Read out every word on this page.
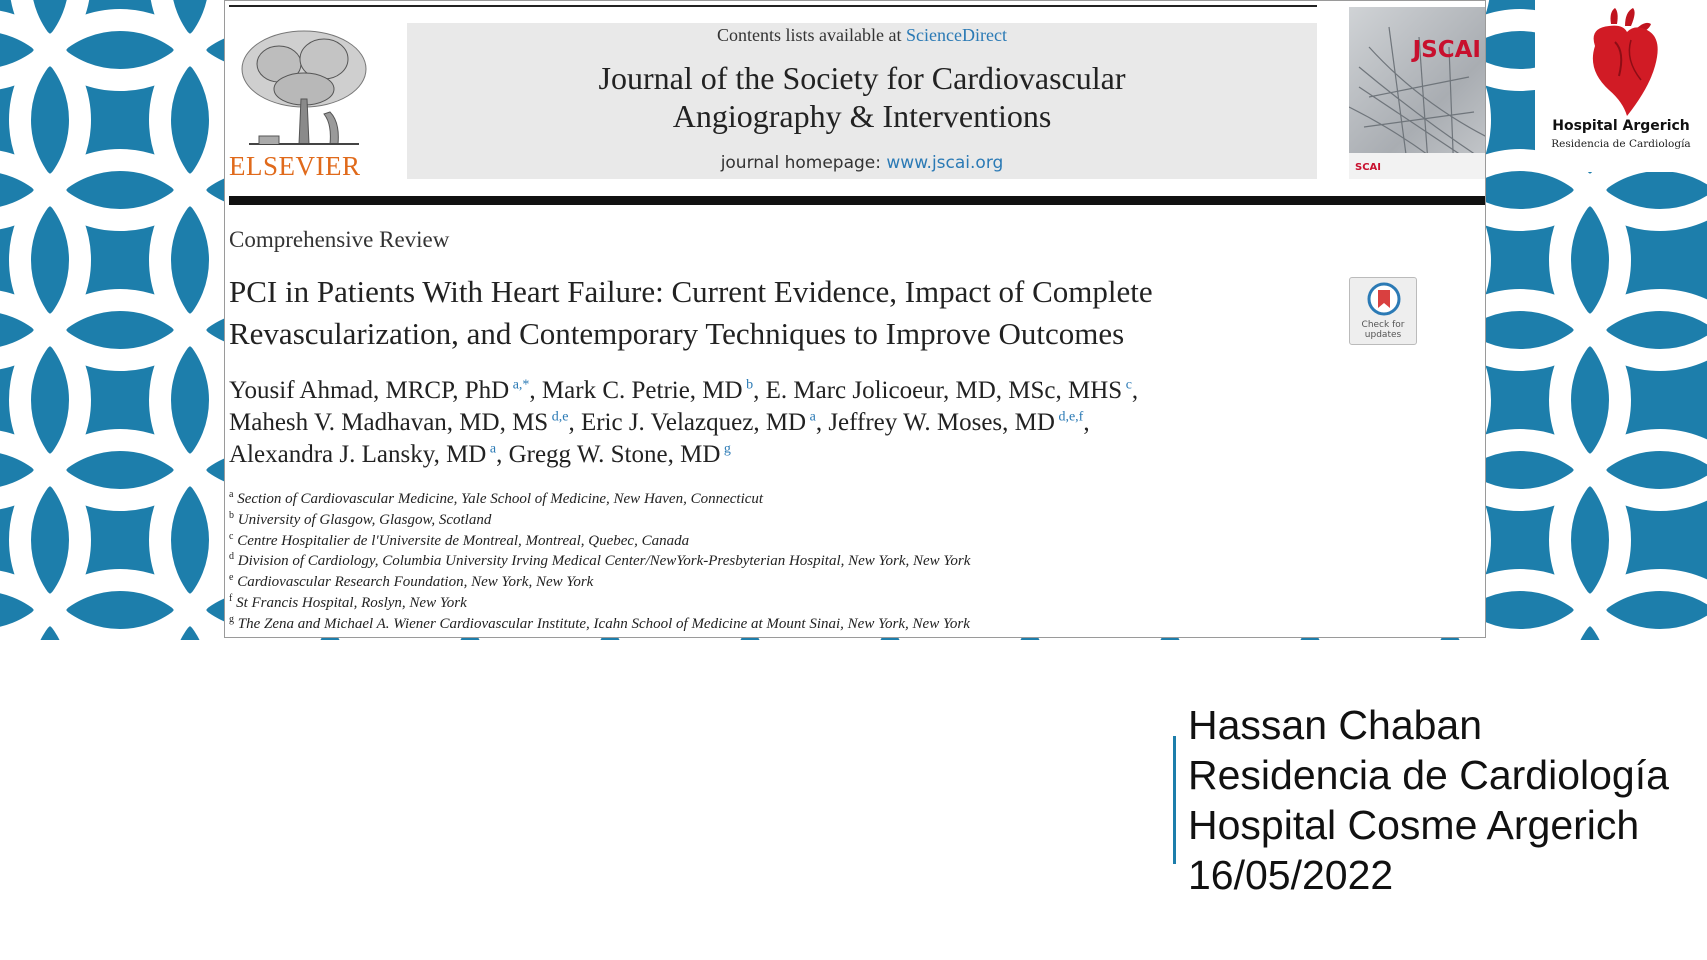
ELSEVIER
Contents lists available at ScienceDirect
Journal of the Society for Cardiovascular
Angiography & Interventions
journal homepage: www.jscai.org
JSCAI
SCAI
Comprehensive Review
PCI in Patients With Heart Failure: Current Evidence, Impact of Complete
Revascularization, and Contemporary Techniques to Improve Outcomes	Check for updates
Yousif Ahmad, MRCP, PhD $^{a,*}$, Mark C. Petrie, MD $^b$, E. Marc Jolicoeur, MD, MSc, MHS $^c$,
Mahesh V. Madhavan, MD, MS $^{d,e}$, Eric J. Velazquez, MD $^a$, Jeffrey W. Moses, MD $^{d,e,f}$,
Alexandra J. Lansky, MD $^a$, Gregg W. Stone, MD $^g$
$^a$ Section of Cardiovascular Medicine, Yale School of Medicine, New Haven, Connecticut
$^b$ University of Glasgow, Glasgow, Scotland
$^c$ Centre Hospitalier de l'Universite de Montreal, Montreal, Quebec, Canada
$^d$ Division of Cardiology, Columbia University Irving Medical Center/NewYork-Presbyterian Hospital, New York, New York
$^e$ Cardiovascular Research Foundation, New York, New York
$^f$ St Francis Hospital, Roslyn, New York
$^g$ The Zena and Michael A. Wiener Cardiovascular Institute, Icahn School of Medicine at Mount Sinai, New York, New York
Hospital Argerich
Residencia de Cardiología
Hassan Chaban
Residencia de Cardiología
Hospital Cosme Argerich
16/05/2022
